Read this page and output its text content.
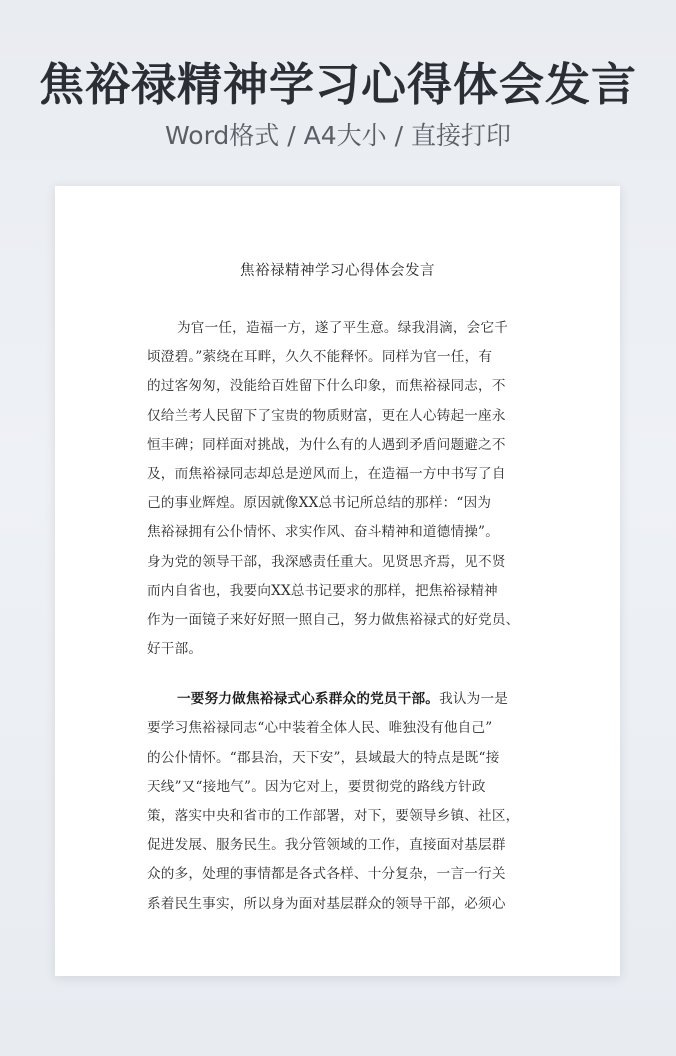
焦裕禄精神学习心得体会发言
Word格式 / A4大小 / 直接打印
焦裕禄精神学习心得体会发言
为官一任，造福一方，遂了平生意。绿我涓滴，会它千
顷澄碧。”萦绕在耳畔，久久不能释怀。同样为官一任，有
的过客匆匆，没能给百姓留下什么印象，而焦裕禄同志，不
仅给兰考人民留下了宝贵的物质财富，更在人心铸起一座永
恒丰碑；同样面对挑战，为什么有的人遇到矛盾问题避之不
及，而焦裕禄同志却总是逆风而上，在造福一方中书写了自
己的事业辉煌。原因就像XX总书记所总结的那样：“因为
焦裕禄拥有公仆情怀、求实作风、奋斗精神和道德情操”。
身为党的领导干部，我深感责任重大。见贤思齐焉，见不贤
而内自省也，我要向XX总书记要求的那样，把焦裕禄精神
作为一面镜子来好好照一照自己，努力做焦裕禄式的好党员、
好干部。
一要努力做焦裕禄式心系群众的党员干部。我认为一是
要学习焦裕禄同志“心中装着全体人民、唯独没有他自己”
的公仆情怀。“郡县治，天下安”，县域最大的特点是既“接
天线”又“接地气”。因为它对上，要贯彻党的路线方针政
策，落实中央和省市的工作部署，对下，要领导乡镇、社区，
促进发展、服务民生。我分管领域的工作，直接面对基层群
众的多，处理的事情都是各式各样、十分复杂，一言一行关
系着民生事实，所以身为面对基层群众的领导干部，必须心
